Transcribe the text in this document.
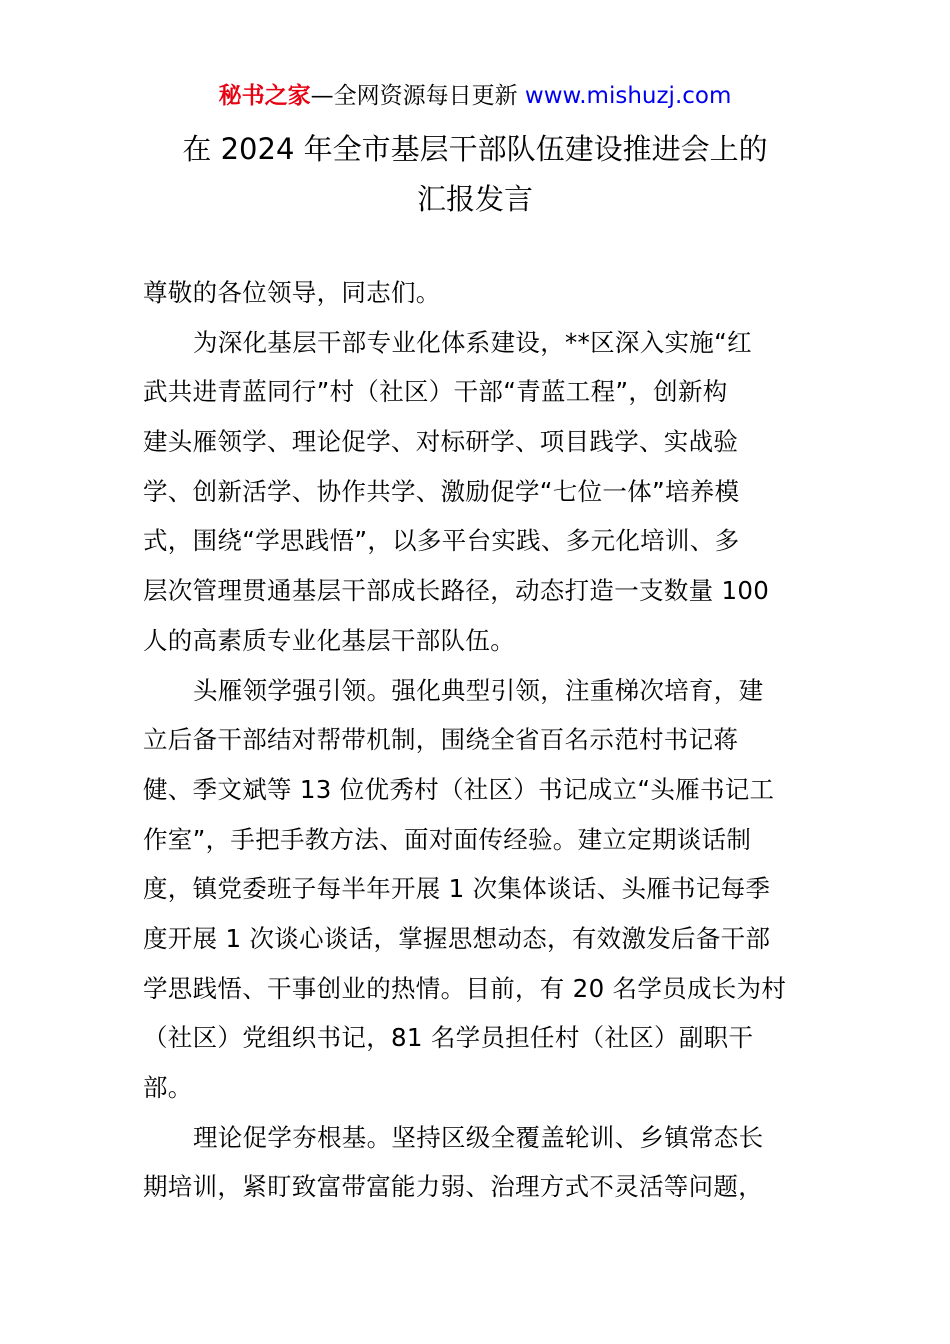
秘书之家—全网资源每日更新 www.mishuzj.com
在 2024 年全市基层干部队伍建设推进会上的
汇报发言
尊敬的各位领导，同志们。
为深化基层干部专业化体系建设，**区深入实施“红
武共进青蓝同行”村（社区）干部“青蓝工程”，创新构
建头雁领学、理论促学、对标研学、项目践学、实战验
学、创新活学、协作共学、激励促学“七位一体”培养模
式，围绕“学思践悟”，以多平台实践、多元化培训、多
层次管理贯通基层干部成长路径，动态打造一支数量 100
人的高素质专业化基层干部队伍。
头雁领学强引领。强化典型引领，注重梯次培育，建
立后备干部结对帮带机制，围绕全省百名示范村书记蒋
健、季文斌等 13 位优秀村（社区）书记成立“头雁书记工
作室”，手把手教方法、面对面传经验。建立定期谈话制
度，镇党委班子每半年开展 1 次集体谈话、头雁书记每季
度开展 1 次谈心谈话，掌握思想动态，有效激发后备干部
学思践悟、干事创业的热情。目前，有 20 名学员成长为村
（社区）党组织书记，81 名学员担任村（社区）副职干
部。
理论促学夯根基。坚持区级全覆盖轮训、乡镇常态长
期培训，紧盯致富带富能力弱、治理方式不灵活等问题，
